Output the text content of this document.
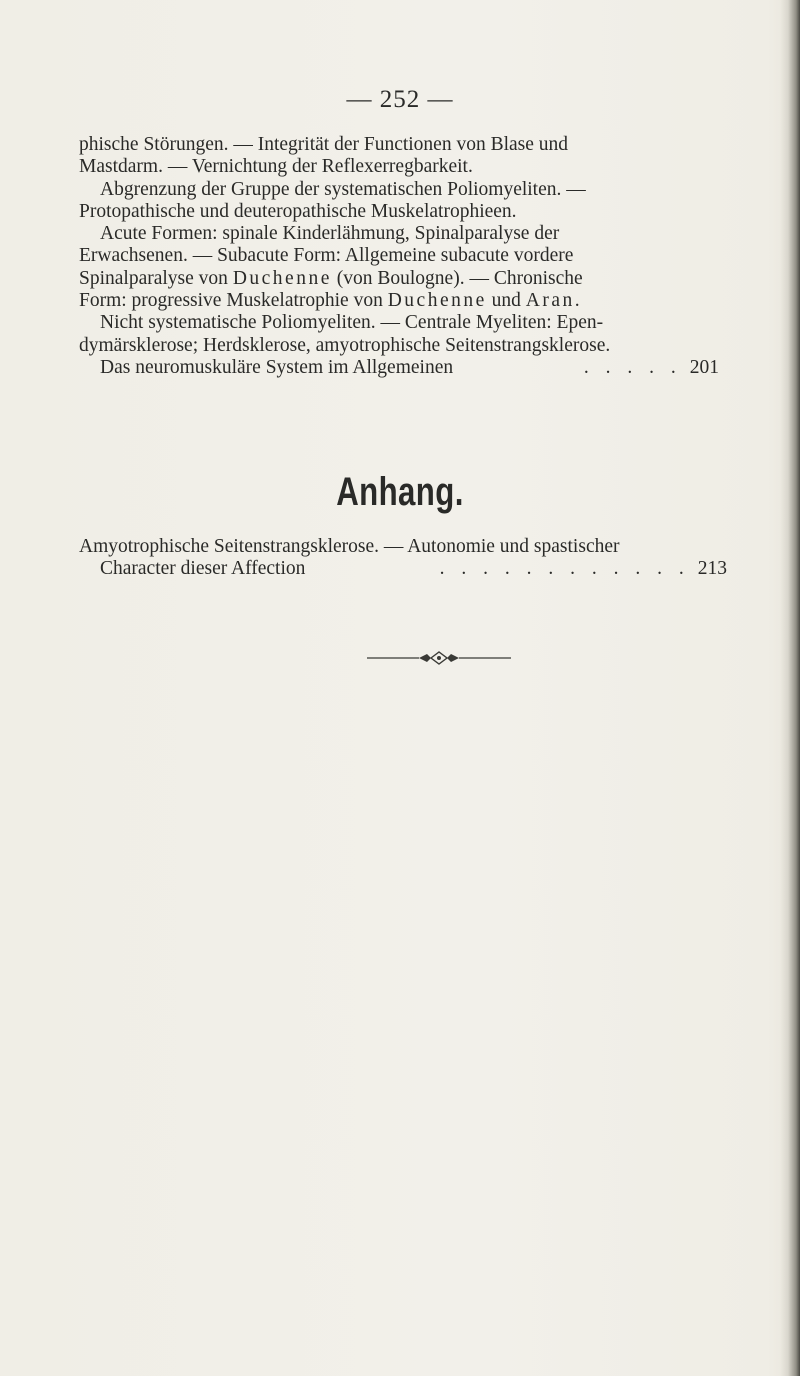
— 252 —
phische Störungen. — Integrität der Functionen von Blase und
Mastdarm. — Vernichtung der Reflexerregbarkeit.
Abgrenzung der Gruppe der systematischen Poliomyeliten. —
Protopathische und deuteropathische Muskelatrophieen.
Acute Formen: spinale Kinderlähmung, Spinalparalyse der
Erwachsenen. — Subacute Form: Allgemeine subacute vordere
Spinalparalyse von Duchenne (von Boulogne). — Chronische
Form: progressive Muskelatrophie von Duchenne und Aran.
Nicht systematische Poliomyeliten. — Centrale Myeliten: Epen-
dymärsklerose; Herdsklerose, amyotrophische Seitenstrangsklerose.
Das neuromuskuläre System im Allgemeinen	. . . . . 201
Anhang.
Amyotrophische Seitenstrangsklerose. — Autonomie und spastischer
Character dieser Affection	. . . . . . . . . . . . 213
